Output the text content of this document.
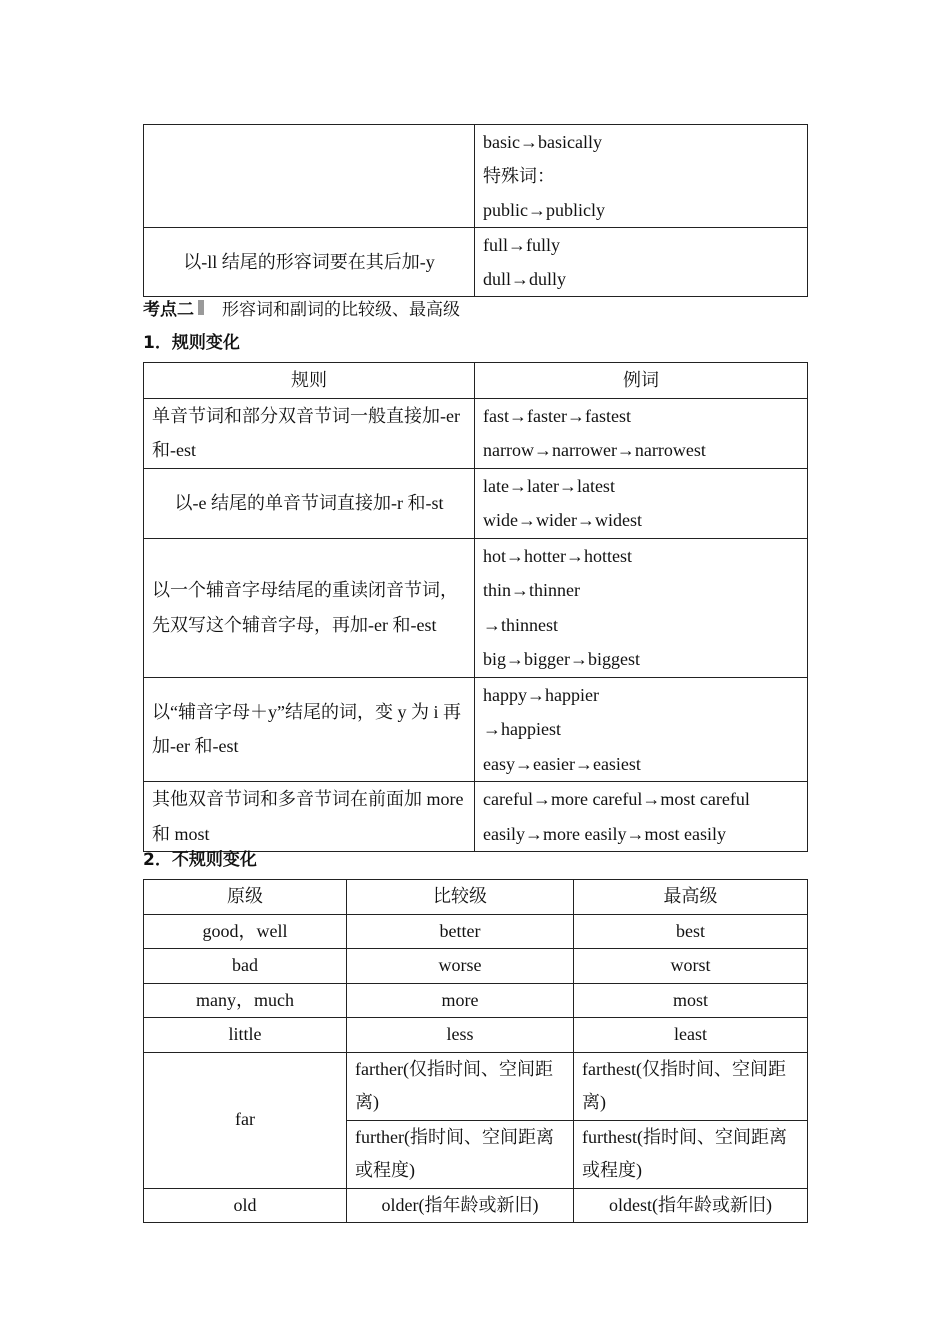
	basic→basically
特殊词：
public→publicly

以-ll 结尾的形容词要在其后加-y	full→fully
dull→dully
考点二 形容词和副词的比较级、最高级
1．规则变化
规则	例词
单音节词和部分双音节词一般直接加-er 和-est	fast→faster→fastest
narrow→narrower→narrowest

以-e 结尾的单音节词直接加-r 和-st	late→later→latest
wide→wider→widest

以一个辅音字母结尾的重读闭音节词，先双写这个辅音字母，再加-er 和-est	hot→hotter→hottest
thin→thinner
→thinnest
big→bigger→biggest

以“辅音字母＋y”结尾的词，变 y 为 i 再加-er 和-est	happy→happier
→happiest
easy→easier→easiest

其他双音节词和多音节词在前面加 more 和 most	careful→more careful→most careful
easily→more easily→most easily
2．不规则变化
原级	比较级	最高级
good，well	better	best
bad	worse	worst
many，much	more	most
little	less	least
far	farther(仅指时间、空间距离)	farthest(仅指时间、空间距离)
	further(指时间、空间距离或程度)	furthest(指时间、空间距离或程度)
old	older(指年龄或新旧)	oldest(指年龄或新旧)
